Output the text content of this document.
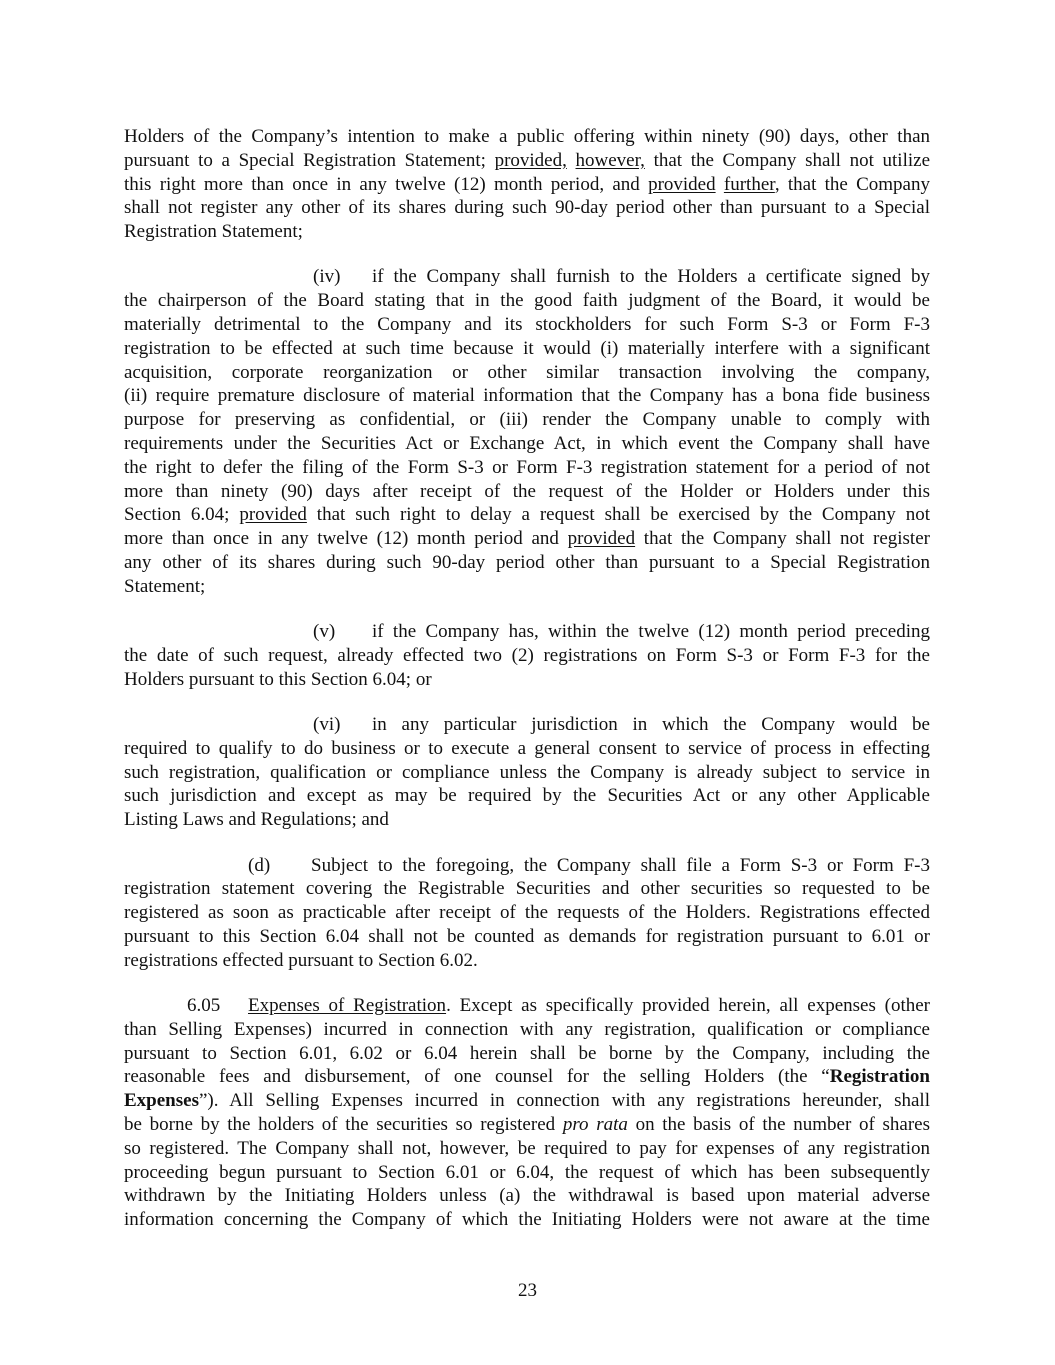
Holders of the Company’s intention to make a public offering within ninety (90) days, other than
pursuant to a Special Registration Statement; provided, however, that the Company shall not utilize
this right more than once in any twelve (12) month period, and provided further, that the Company
shall not register any other of its shares during such 90-day period other than pursuant to a Special
Registration Statement;
(iv) if the Company shall furnish to the Holders a certificate signed by
the chairperson of the Board stating that in the good faith judgment of the Board, it would be
materially detrimental to the Company and its stockholders for such Form S-3 or Form F-3
registration to be effected at such time because it would (i) materially interfere with a significant
acquisition, corporate reorganization or other similar transaction involving the company,
(ii) require premature disclosure of material information that the Company has a bona fide business
purpose for preserving as confidential, or (iii) render the Company unable to comply with
requirements under the Securities Act or Exchange Act, in which event the Company shall have
the right to defer the filing of the Form S-3 or Form F-3 registration statement for a period of not
more than ninety (90) days after receipt of the request of the Holder or Holders under this
Section 6.04; provided that such right to delay a request shall be exercised by the Company not
more than once in any twelve (12) month period and provided that the Company shall not register
any other of its shares during such 90-day period other than pursuant to a Special Registration
Statement;
(v) if the Company has, within the twelve (12) month period preceding
the date of such request, already effected two (2) registrations on Form S-3 or Form F-3 for the
Holders pursuant to this Section 6.04; or
(vi) in any particular jurisdiction in which the Company would be
required to qualify to do business or to execute a general consent to service of process in effecting
such registration, qualification or compliance unless the Company is already subject to service in
such jurisdiction and except as may be required by the Securities Act or any other Applicable
Listing Laws and Regulations; and
(d) Subject to the foregoing, the Company shall file a Form S-3 or Form F-3
registration statement covering the Registrable Securities and other securities so requested to be
registered as soon as practicable after receipt of the requests of the Holders. Registrations effected
pursuant to this Section 6.04 shall not be counted as demands for registration pursuant to 6.01 or
registrations effected pursuant to Section 6.02.
6.05 Expenses of Registration. Except as specifically provided herein, all expenses (other
than Selling Expenses) incurred in connection with any registration, qualification or compliance
pursuant to Section 6.01, 6.02 or 6.04 herein shall be borne by the Company, including the
reasonable fees and disbursement, of one counsel for the selling Holders (the “Registration
Expenses”). All Selling Expenses incurred in connection with any registrations hereunder, shall
be borne by the holders of the securities so registered pro rata on the basis of the number of shares
so registered. The Company shall not, however, be required to pay for expenses of any registration
proceeding begun pursuant to Section 6.01 or 6.04, the request of which has been subsequently
withdrawn by the Initiating Holders unless (a) the withdrawal is based upon material adverse
information concerning the Company of which the Initiating Holders were not aware at the time
23
